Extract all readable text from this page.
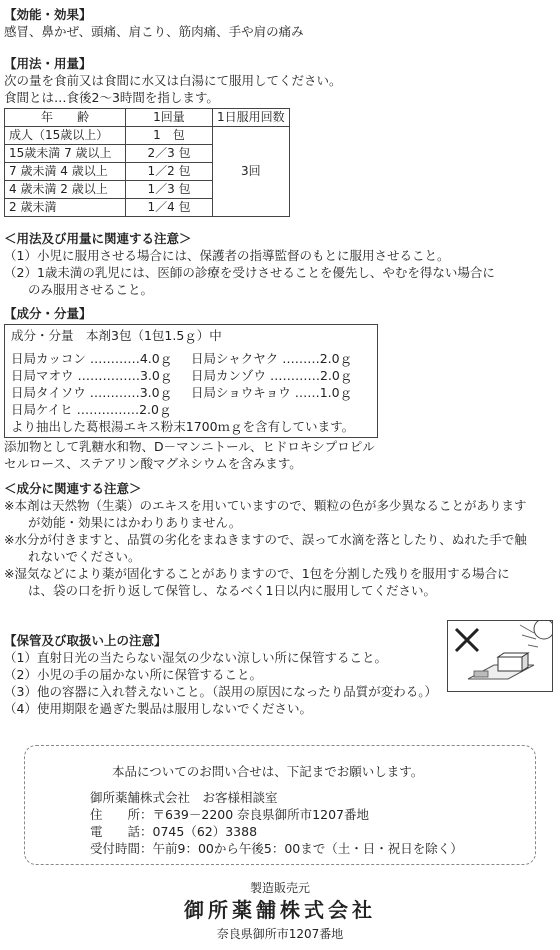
【効能・効果】
感冒、鼻かぜ、頭痛、肩こり、筋肉痛、手や肩の痛み
【用法・用量】
次の量を食前又は食間に水又は白湯にて服用してください。
食間とは…食後2～3時間を指します。
年　　齢	1回量	1日服用回数
成人（15歳以上）	1　包	3回
15歳未満 7 歳以上	2／3 包	
7 歳未満 4 歳以上	1／2 包	
4 歳未満 2 歳以上	1／3 包	
2 歳未満	1／4 包	
＜用法及び用量に関連する注意＞
（1）小児に服用させる場合には、保護者の指導監督のもとに服用させること。
（2）1歳未満の乳児には、医師の診療を受けさせることを優先し、やむを得ない場合に
のみ服用させること。
【成分・分量】
成分・分量　本剤3包（1包1.5ｇ）中
日局カッコン …………4.0ｇ	日局シャクヤク ………2.0ｇ
日局マオウ ……………3.0ｇ	日局カンゾウ …………2.0ｇ
日局タイソウ …………3.0ｇ	日局ショウキョウ ……1.0ｇ
日局ケイヒ ……………2.0ｇ
より抽出した葛根湯エキス粉末1700ｍｇを含有しています。
添加物として乳糖水和物、D－マンニトール、ヒドロキシプロピル
セルロース、ステアリン酸マグネシウムを含みます。
＜成分に関連する注意＞
※本剤は天然物（生薬）のエキスを用いていますので、顆粒の色が多少異なることがあります
が効能・効果にはかわりありません。
※水分が付きますと、品質の劣化をまねきますので、誤って水滴を落としたり、ぬれた手で触
れないでください。
※湿気などにより薬が固化することがありますので、1包を分割した残りを服用する場合に
は、袋の口を折り返して保管し、なるべく1日以内に服用してください。
【保管及び取扱い上の注意】
（1）直射日光の当たらない湿気の少ない涼しい所に保管すること。
（2）小児の手の届かない所に保管すること。
（3）他の容器に入れ替えないこと。（誤用の原因になったり品質が変わる。）
（4）使用期限を過ぎた製品は服用しないでください。
本品についてのお問い合せは、下記までお願いします。
御所薬舗株式会社　お客様相談室
住　　所：〒639－2200 奈良県御所市1207番地
電　　話：0745（62）3388
受付時間：午前9：00から午後5：00まで（土・日・祝日を除く）
製造販売元
御所薬舗株式会社
奈良県御所市1207番地
